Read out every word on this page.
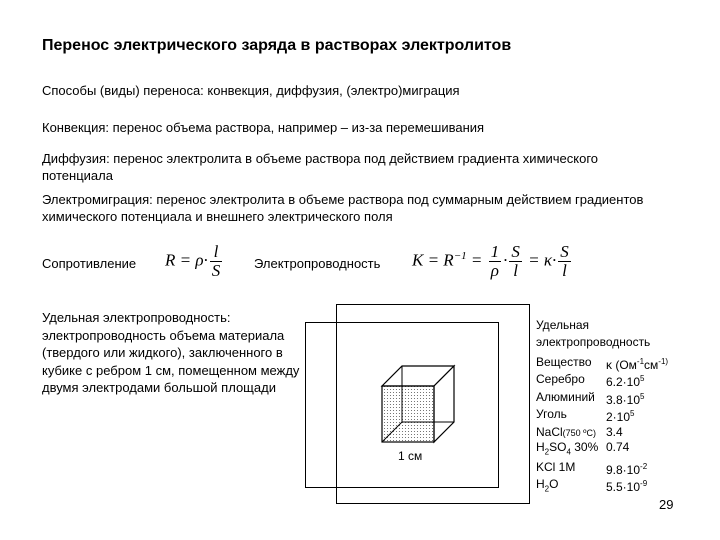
Перенос электрического заряда в растворах электролитов
Способы (виды) переноса: конвекция, диффузия, (электро)миграция
Конвекция: перенос объема раствора, например – из-за перемешивания
Диффузия: перенос электролита в объеме раствора под действием градиента химического потенциала
Электромиграция: перенос электролита в объеме раствора под суммарным действием градиентов химического потенциала и внешнего электрического поля
Сопротивление $R = \rho\cdot \frac{l}{S}$ Электропроводность $K = R^{-1} = \frac{1}{\rho} \cdot \frac{S}{l} = \kappa\cdot \frac{S}{l}$
Удельная электропроводность: электропроводность объема материала (твердого или жидкого), заключенного в кубике с ребром 1 см, помещенном между двумя электродами большой площади
1 см
Удельная электропроводность
Вещество	κ ($Ом^{-1}см^{-1)}$
Серебро	$6.2\cdot 10^5$
Алюминий	$3.8\cdot 10^5$
Уголь	$2\cdot 10^5$
NaCl(750 ºC)	3.4
$H_2SO_4$ 30%	0.74
KCl 1M	$9.8\cdot 10^{-2}$
$H_2O$	$5.5\cdot 10^{-9}$
29
